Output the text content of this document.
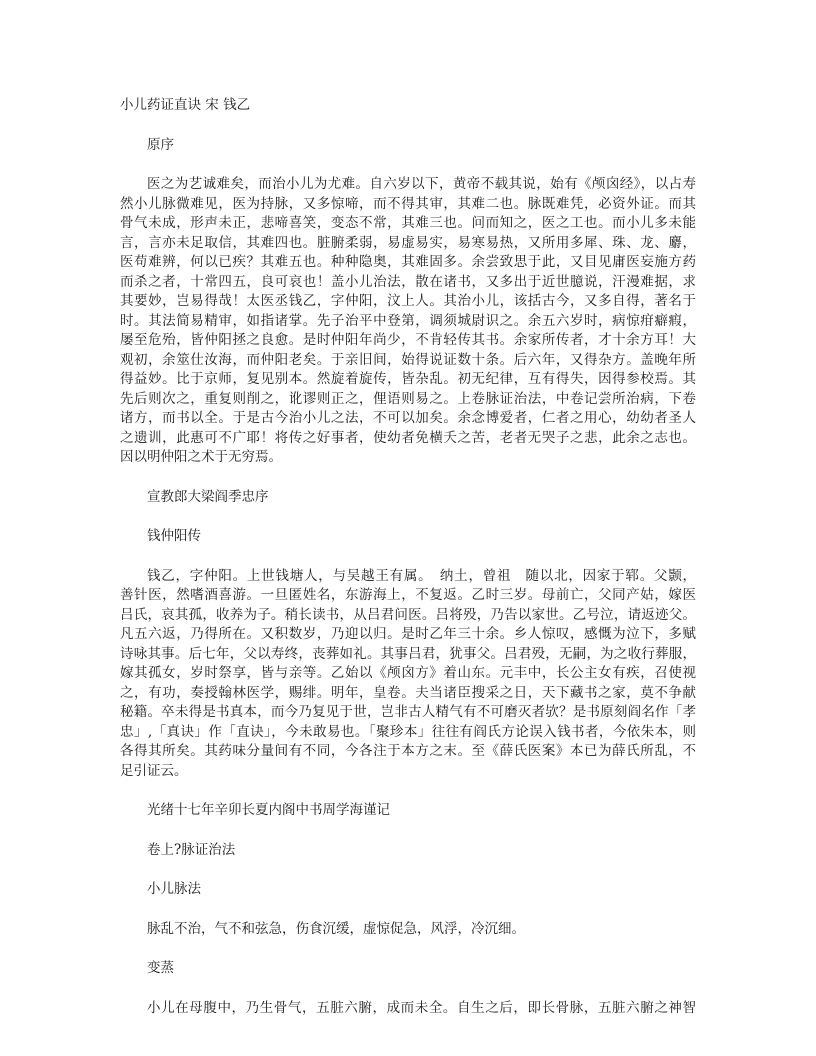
小儿药证直诀 宋 钱乙

原序

医之为艺诚难矣，而治小儿为尤难。自六岁以下，黄帝不载其说，始有《颅囟经》，以占寿

然小儿脉微难见，医为持脉，又多惊啼，而不得其审，其难二也。脉既难凭，必资外证。而其

骨气未成，形声未正，悲啼喜笑，变态不常，其难三也。问而知之，医之工也。而小儿多未能

言，言亦未足取信，其难四也。脏腑柔弱，易虚易实，易寒易热，又所用多犀、珠、龙、麝，

医苟难辨，何以已疾？其难五也。种种隐奥，其难固多。余尝致思于此，又目见庸医妄施方药

而杀之者，十常四五，良可哀也！盖小儿治法，散在诸书，又多出于近世臆说，汗漫难据，求

其要妙，岂易得哉！太医丞钱乙，字仲阳，汶上人。其治小儿，该括古今，又多自得，著名于

时。其法简易精审，如指诸掌。先子治平中登第，调须城尉识之。余五六岁时，病惊疳癖瘕，

屡至危殆，皆仲阳拯之良愈。是时仲阳年尚少，不肯轻传其书。余家所传者，才十余方耳！大

观初，余筮仕汝海，而仲阳老矣。于亲旧间，始得说证数十条。后六年，又得杂方。盖晚年所

得益妙。比于京师，复见别本。然旋着旋传，皆杂乱。初无纪律，互有得失，因得参校焉。其

先后则次之，重复则削之，讹谬则正之，俚语则易之。上卷脉证治法，中卷记尝所治病，下卷

诸方，而书以全。于是古今治小儿之法，不可以加矣。余念博爱者，仁者之用心，幼幼者圣人

之遗训，此惠可不广耶！将传之好事者，使幼者免横夭之苦，老者无哭子之悲，此余之志也。

因以明仲阳之术于无穷焉。

宣教郎大梁阎季忠序

钱仲阳传

钱乙，字仲阳。上世钱塘人，与吴越王有属。　纳土，曾祖　随以北，因家于郓。父颢，

善针医，然嗜酒喜游。一旦匿姓名，东游海上，不复返。乙时三岁。母前亡，父同产姑，嫁医

吕氏，哀其孤，收养为子。稍长读书，从吕君问医。吕将殁，乃告以家世。乙号泣，请返迹父。

凡五六返，乃得所在。又积数岁，乃迎以归。是时乙年三十余。乡人惊叹，感慨为泣下，多赋

诗咏其事。后七年，父以寿终，丧葬如礼。其事吕君，犹事父。吕君殁，无嗣，为之收行葬服，

嫁其孤女，岁时祭享，皆与亲等。乙始以《颅囟方》着山东。元丰中，长公主女有疾，召使视

之，有功，奏授翰林医学，赐绯。明年，皇卷。夫当诸臣搜采之日，天下藏书之家，莫不争献

秘籍。卒未得是书真本，而今乃复见于世，岂非古人精气有不可磨灭者欤？是书原刻阎名作「孝

忠」,「真诀」作「直诀」，今未敢易也。「聚珍本」往往有阎氏方论误入钱书者，今依朱本，则

各得其所矣。其药味分量间有不同，今各注于本方之末。至《薛氏医案》本已为薛氏所乱，不

足引证云。

光绪十七年辛卯长夏内阁中书周学海谨记

卷上?脉证治法

小儿脉法

脉乱不治，气不和弦急，伤食沉缓，虚惊促急，风浮，冷沉细。

变蒸

小儿在母腹中，乃生骨气，五脏六腑，成而未全。自生之后，即长骨脉，五脏六腑之神智
